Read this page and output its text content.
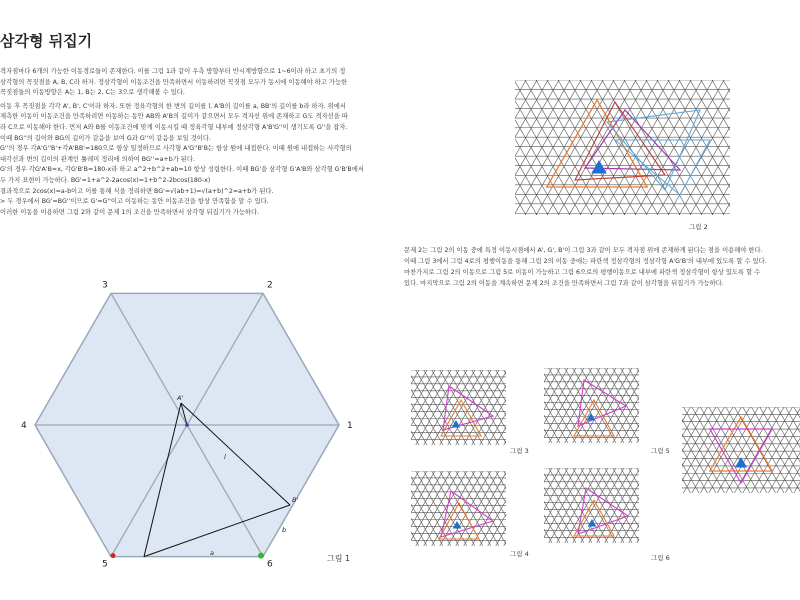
삼각형 뒤집기
격자점마다 6개의 가능한 이동경로들이 존재한다. 이를 그림 1과 같이 우측 방향부터 반시계방향으로 1~6이라 하고 초기의 정
삼각형의 꼭짓점을 A, B, C라 하자. 정삼각형이 이동조건을 만족하면서 이동하려면 꼭짓점 모두가 동시에 이동해야 하고 가능한
꼭짓점들의 이동방향은 A는 1, B는 2, C는 3으로 생각해볼 수 있다.
이동 후 꼭짓점을 각각 A', B', C'이라 하자. 또한 정육각형의 한 변의 길이를 l, A'B의 길이를 a, BB'의 길이를 b라 하자. 위에서
제측한 이동이 이동조건을 만족하려면 이동하는 동안 AB와 A'B의 길이가 같으면서 모두 격자선 위에 존재하고 G도 격자선을 따
라 C으로 이동해야 한다. 먼저 A와 B를 이동조건에 맞게 이동시킬 때 정육각형 내부에 정삼각형 A'B'G''이 생기도록 G''을 잡자.
이때 BG''의 길이와 BG의 길이가 같음을 보여 G과 G''이 같음을 보일 것이다.
G''의 경우 각A'G''B'+각A'BB'=180으로 항상 일정하므로 사각형 A'G''B'B는 항상 원에 내접한다. 이때 원에 내접하는 사각형의
대각선과 변의 길이의 관계인 톨레미 정리에 의하여 BG''=a+b가 된다.
G'의 경우 각G'A'B=x, 각G'B'B=180-x라 하고 a^2+b^2+ab=10 항상 성립한다. 이때 BG'을 삼각형 G'A'B와 삼각형 G'B'B에서
두 가지 표현이 가능하다. BG'=1+a^2-2acos(x)=1+b^2-2bcos(180-x)
결과적으로 2cos(x)=a-b이고 이를 통해 식을 정리하면 BG'=√(ab+1)=√(a+b)^2=a+b가 된다.
> 두 경우에서 BG'=BG''이므로 G'=G''이고 이동하는 동안 이동조건을 항상 만족함을 알 수 있다.
이러한 이동을 이용하면 그림 2와 같이 문제 1의 조건을 만족하면서 삼각형 뒤집기가 가능하다.
문제 2는 그림 2의 이동 중에 특정 이동시점에서 A', G', B'이 그림 3과 같이 모두 격자점 위에 존재하게 된다는 점을 이용해야 한다.
이때 그림 3에서 그림 4로의 평행이동을 통해 그림 2의 이동 중에는 파란색 정삼각형의 정삼각형 A'G'B'의 내부에 있도록 할 수 있다.
마찬가지로 그림 2의 이동으로 그림 5로 이동이 가능하고 그림 6으로의 평행이동으로 내부에 파란색 정삼각형이 항상 있도록 할 수
있다. 마지막으로 그림 2의 이동을 계속하면 문제 2의 조건을 만족하면서 그림 7과 같이 삼각형을 뒤집기가 가능하다.
1
2
3
4
5	6
A'
B'
l
a
b
그림 1
그림 2
그림 3
그림 4
그림 5
그림 6
